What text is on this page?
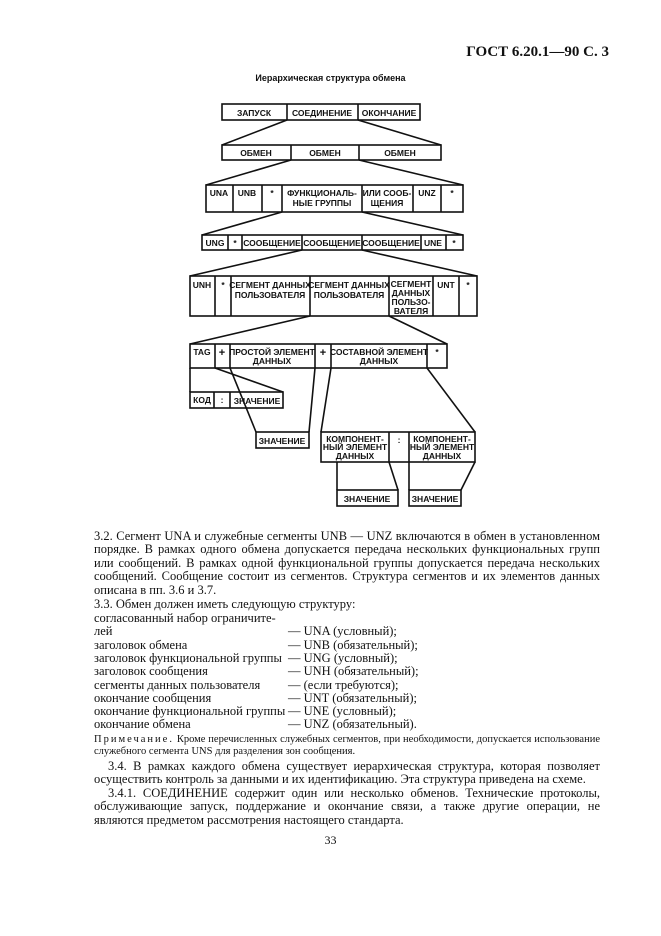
ГОСТ 6.20.1—90 С. 3
Иерархическая структура обмена
ЗАПУСК СОЕДИНЕНИЕ ОКОНЧАНИЕ
ОБМЕН	ОБМЕН	ОБМЕН
UNA UNB * ФУНКЦИОНАЛЬ-
НЫЕ ГРУППЫ
ИЛИ СООБ-
ЩЕНИЯ
UNZ *
UNG * СООБЩЕНИЕ СООБЩЕНИЕ СООБЩЕНИЕ UNE *
UNH * СЕГМЕНТ ДАННЫХ
ПОЛЬЗОВАТЕЛЯ
СЕГМЕНТ ДАННЫХ
ПОЛЬЗОВАТЕЛЯ
СЕГМЕНТ
ДАННЫХ
ПОЛЬЗО-
ВАТЕЛЯ
UNT *
TAG + ПРОСТОЙ ЭЛЕМЕНТ
ДАННЫХ
+ СОСТАВНОЙ ЭЛЕМЕНТ
ДАННЫХ
*
КОД : ЗНАЧЕНИЕ
ЗНАЧЕНИЕ КОМПОНЕНТ-
НЫЙ ЭЛЕМЕНТ
ДАННЫХ
: КОМПОНЕНТ-
НЫЙ ЭЛЕМЕНТ
ДАННЫХ
ЗНАЧЕНИЕ	ЗНАЧЕНИЕ
3.2. Сегмент UNA и служебные сегменты UNB — UNZ включаются в обмен в установленном порядке. В рамках одного обмена допускается передача нескольких функциональных групп или сообщений. В рамках одной функциональной группы допускается передача нескольких сообщений. Сообщение состоит из сегментов. Структура сегментов и их элементов данных описана в пп. 3.6 и 3.7.
3.3. Обмен должен иметь следующую структуру:
согласованный набор ограничите-
лей	— UNA (условный);
заголовок обмена	— UNB (обязательный);
заголовок функциональной группы — UNG (условный);
заголовок сообщения	— UNH (обязательный);
сегменты данных пользователя — (если требуются);
окончание сообщения	— UNT (обязательный);
окончание функциональной группы — UNE (условный);
окончание обмена	— UNZ (обязательный).
Примечание. Кроме перечисленных служебных сегментов, при необходимости, допускается использование служебного сегмента UNS для разделения зон сообщения.
3.4. В рамках каждого обмена существует иерархическая структура, которая позволяет осуществить контроль за данными и их идентификацию. Эта структура приведена на схеме.
3.4.1. СОЕДИНЕНИЕ содержит один или несколько обменов. Технические протоколы, обслуживающие запуск, поддержание и окончание связи, а также другие операции, не являются предметом рассмотрения настоящего стандарта.
33
